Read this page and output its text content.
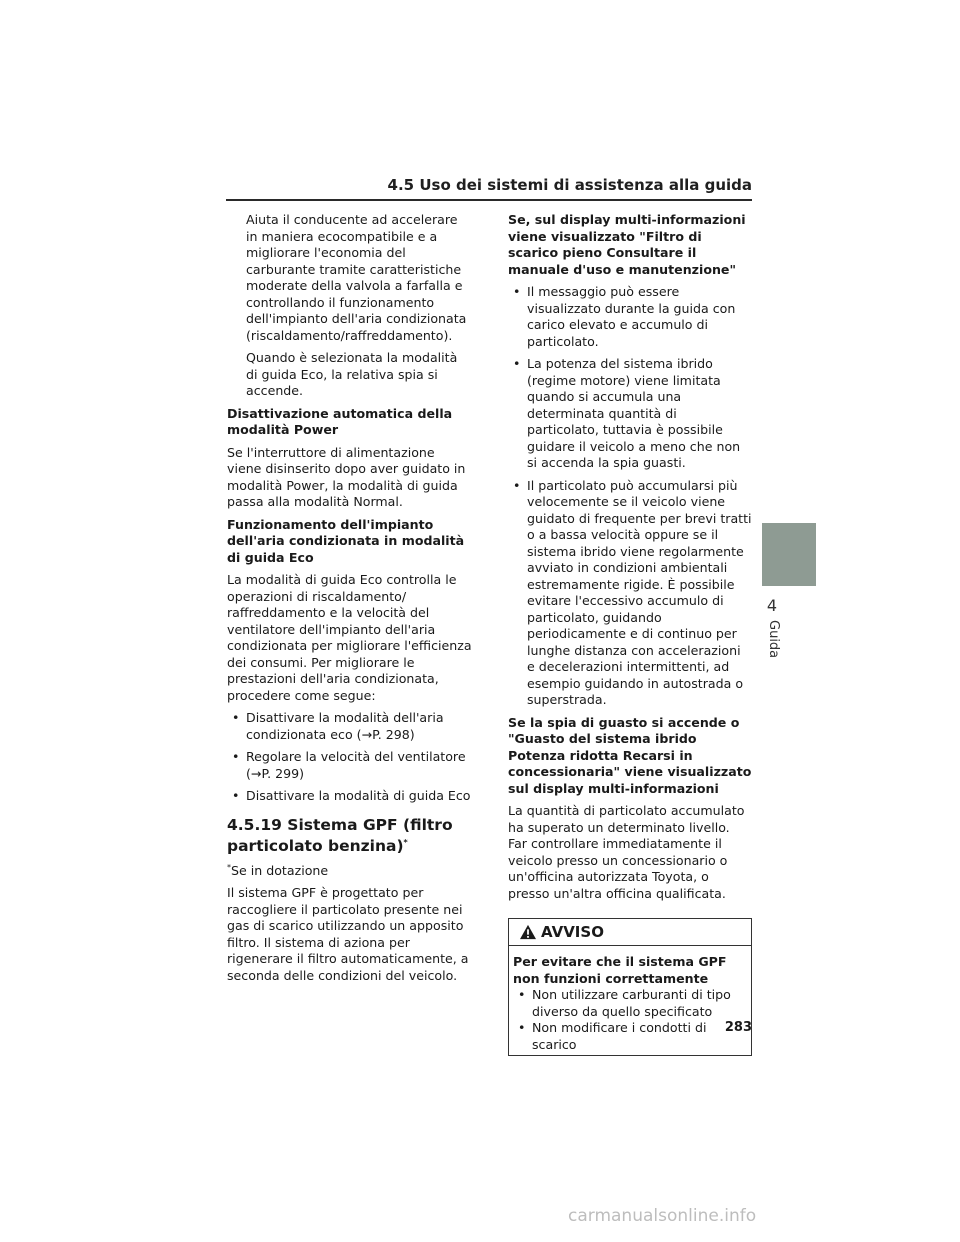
4.5 Uso dei sistemi di assistenza alla guida

Aiuta il conducente ad accelerare in maniera ecocompatibile e a migliorare l'economia del carburante tramite caratteristiche moderate della valvola a farfalla e controllando il funzionamento dell'impianto dell'aria condizionata (riscaldamento/raffreddamento).

Quando è selezionata la modalità di guida Eco, la relativa spia si accende.

Disattivazione automatica della modalità Power

Se l'interruttore di alimentazione viene disinserito dopo aver guidato in modalità Power, la modalità di guida passa alla modalità Normal.

Funzionamento dell'impianto dell'aria condizionata in modalità di guida Eco

La modalità di guida Eco controlla le operazioni di riscaldamento/ raffreddamento e la velocità del ventilatore dell'impianto dell'aria condizionata per migliorare l'efficienza dei consumi. Per migliorare le prestazioni dell'aria condizionata, procedere come segue:

• Disattivare la modalità dell'aria condizionata eco (→P. 298)
• Regolare la velocità del ventilatore (→P. 299)
• Disattivare la modalità di guida Eco
4.5.19 Sistema GPF (filtro particolato benzina)*

*Se in dotazione

Il sistema GPF è progettato per raccogliere il particolato presente nei gas di scarico utilizzando un apposito filtro. Il sistema di aziona per rigenerare il filtro automaticamente, a seconda delle condizioni del veicolo.

Se, sul display multi-informazioni viene visualizzato "Filtro di scarico pieno Consultare il manuale d'uso e manutenzione"

• Il messaggio può essere visualizzato durante la guida con carico elevato e accumulo di particolato.
• La potenza del sistema ibrido (regime motore) viene limitata quando si accumula una determinata quantità di particolato, tuttavia è possibile guidare il veicolo a meno che non si accenda la spia guasti.
• Il particolato può accumularsi più velocemente se il veicolo viene guidato di frequente per brevi tratti o a bassa velocità oppure se il sistema ibrido viene regolarmente avviato in condizioni ambientali estremamente rigide. È possibile evitare l'eccessivo accumulo di particolato, guidando periodicamente e di continuo per lunghe distanza con accelerazioni e decelerazioni intermittenti, ad esempio guidando in autostrada o superstrada.

Se la spia di guasto si accende o "Guasto del sistema ibrido Potenza ridotta Recarsi in concessionaria" viene visualizzato sul display multi-informazioni

La quantità di particolato accumulato ha superato un determinato livello. Far controllare immediatamente il veicolo presso un concessionario o un'officina autorizzata Toyota, o presso un'altra officina qualificata.

AVVISO

Per evitare che il sistema GPF non funzioni correttamente

• Non utilizzare carburanti di tipo diverso da quello specificato
• Non modificare i condotti di scarico
4
Guida
283
carmanualsonline.info
